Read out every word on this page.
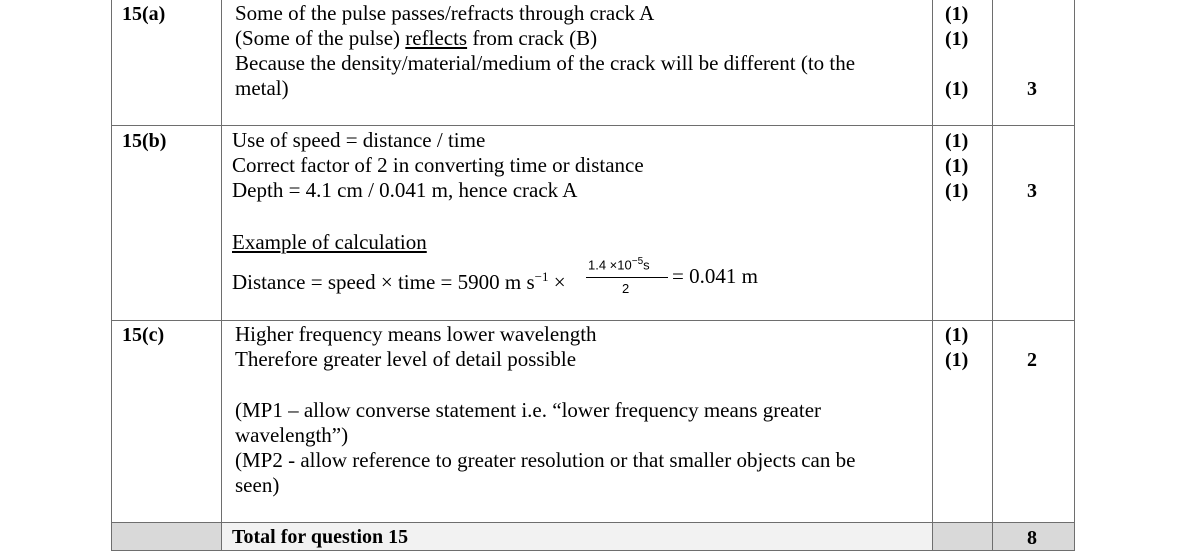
15(a)	Some of the pulse passes/refracts through crack A
(Some of the pulse) reflects from crack (B)
Because the density/material/medium of the crack will be different (to the
metal)
(1)
(1)
(1)	3
15(b)	Use of speed = distance / time
Correct factor of 2 in converting time or distance
Depth = 4.1 cm / 0.041 m, hence crack A
Example of calculation
Distance = speed × time = 5900 m $s^{-1}$ ×
$1.4 \times 10^{-5}s$
2
= 0.041 m
(1)
(1)
(1)	3
15(c)	Higher frequency means lower wavelength
Therefore greater level of detail possible
(MP1 – allow converse statement i.e. “lower frequency means greater
wavelength”)
(MP2 - allow reference to greater resolution or that smaller objects can be
seen)
(1)
(1)	2
Total for question 15	8
